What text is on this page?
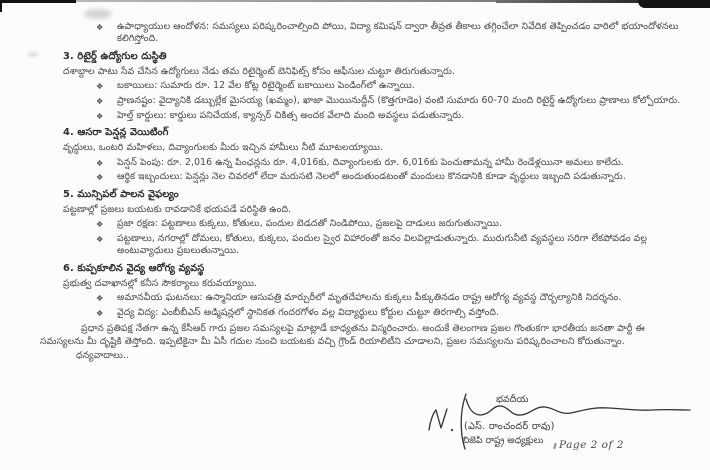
❖	ఉపాధ్యాయుల ఆందోళన: సమస్యలు పరిష్కరించాల్సింది పోయి, విద్యా కమిషన్ ద్వారా తీవ్రత తీకాలు తగ్గించేలా నివేదిక తెప్పించడం వారిలో భయాందోళనలు కలిగిస్తోంది.
3. రిటైర్డ్ ఉద్యోగుల దుస్థితి
దశాబ్దాల పాటు సేవ చేసిన ఉద్యోగులు నేడు తమ రిటైర్మెంట్ బెనిఫిట్స్ కోసం ఆఫీసుల చుట్టూ తిరుగుతున్నారు.
❖	బకాయిలు: సుమారు రూ. 12 వేల కోట్ల రిటైర్మెంట్ బకాయిలు పెండింగ్‌లో ఉన్నాయి.
❖	ప్రాణనష్టం: వైద్యానికి డబ్బుల్లేక మైసయ్య (ఖమ్మం), ఖాజా మొయినుద్దీన్ (కొత్తగూడెం) వంటి సుమారు 60-70 మంది రిటైర్డ్ ఉద్యోగులు ప్రాణాలు కోల్పోయారు.
❖	హెల్త్ కార్డులు: కార్డులు పనిచేయక, క్యాన్సర్ చికిత్స అందక వేలాది మంది అవస్థలు పడుతున్నారు.
4. ఆసరా పెన్షన్ల వెయిటింగ్
వృద్ధులు, ఒంటరి మహిళలు, దివ్యాంగులకు మీరు ఇచ్చిన హామీలు నీటి మూటలయ్యాయి.
❖	పెన్షన్ పెంపు: రూ. 2,016 ఉన్న పింఛన్లను రూ. 4,016కు, దివ్యాంగులకు రూ. 6,016కు పెంచుతామన్న హామీ రెండేళ్లయినా అమలు కాలేదు.
❖	ఆర్థిక ఇబ్బందులు: పెన్షన్లు నెల చివరలో లేదా మరుసటి నెలలో అందుతుండటంతో మందులు కొనడానికి కూడా వృద్ధులు ఇబ్బంది పడుతున్నారు.
5. మున్సిపల్ పాలన వైఫల్యం
పట్టణాల్లో ప్రజలు బయటకు రావడానికే భయపడే పరిస్థితి ఉంది.
❖	ప్రజా రక్షణ: పట్టణాలు కుక్కలు, కోతులు, పందుల బెడదతో నిండిపోయి, ప్రజలపై దాడులు జరుగుతున్నాయి.
❖	పట్టణాలు, నగరాల్లో దోమలు, కోతులు, కుక్కలు, పందుల స్వైర విహారంతో జనం విలవిల్లాడుతున్నారు. మురుగునీటి వ్యవస్థలు సరిగా లేకపోవడం వల్ల అంటువ్యాధులు ప్రబలుతున్నాయి.
6. కుప్పకూలిన వైద్య ఆరోగ్య వ్యవస్థ
ప్రభుత్వ దవాఖానల్లో కనీస సౌకర్యాలు కరువయ్యాయి.
❖	అమానవీయ ఘటనలు: ఉస్మానియా ఆసుపత్రి మార్చురీలో మృతదేహాలను కుక్కలు పీక్కుతినడం రాష్ట్ర ఆరోగ్య వ్యవస్థ దౌర్బల్యానికి నిదర్శనం.
❖	వైద్య విద్య: ఎంబీబీఎస్ అడ్మిషన్లలో స్థానికత గందరగోళం వల్ల విద్యార్థులు కోర్టుల చుట్టూ తిరగాల్సి వస్తోంది.
ప్రధాన ప్రతిపక్ష నేతగా ఉన్న కేసీఆర్ గారు ప్రజల సమస్యలపై మాట్లాడే బాధ్యతను విస్మరించారు. అందుకే తెలంగాణ ప్రజల గొంతుకగా భారతీయ జనతా పార్టీ ఈ సమస్యలను మీ దృష్టికి తెస్తోంది. ఇప్పటికైనా మీ ఏసీ గదుల నుంచి బయటకు వచ్చి గ్రౌండ్ రియాలిటీని చూడాలని, ప్రజల సమస్యలను పరిష్కరించాలని కోరుతున్నాం.
ధన్యవాదాలు..
భవదీయ
(ఎస్. రాంచందర్ రావు)
బిజెపి రాష్ట్ర అధ్యక్షులు Page 2 of 2
